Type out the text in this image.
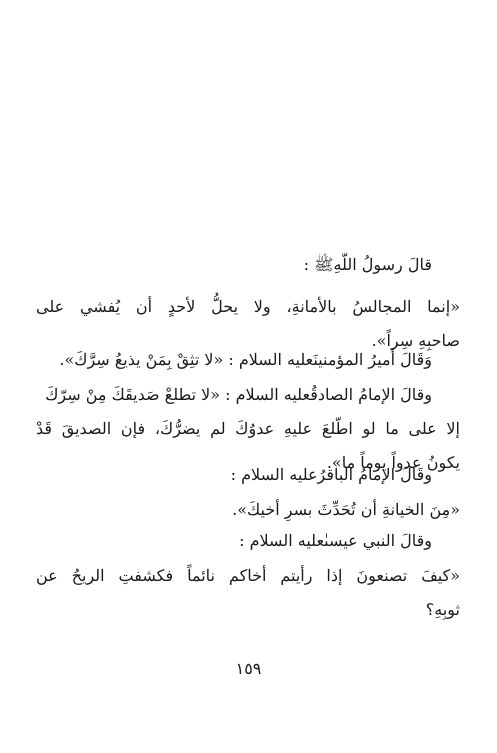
قالَ رسولُ اللّهِﷺ :
«إنما المجالسُ بالأمانةِ، ولا يحلُّ لأحدٍ أن يُفشي على
صاحبِهِ سِراً».
وَقَالَ أميرُ المؤمنينَعليه السلام : «لا تثِقْ بِمَنْ يذيعُ سِرَّكَ».
وقالَ الإمامُ الصادقُعليه السلام : «لا تطلعْ صَديقَكَ مِنْ سِرّكَ
إلا على ما لو اطّلعَ عليهِ عدوُكَ لم يضرُّكَ، فإن الصديقَ قَدْ
يكونُ عدواً يوماً ما».
وقَالَ الإمامُ الباقرُعليه السلام :
«مِنَ الخيانةِ أن تُحَدِّثَ بسرِ أخيكَ».
وقالَ النبي عيسىٰعليه السلام :
«كيفَ تصنعونَ إذا رأيتم أخاكم نائماً فكشفتِ الريحُ عن
ثوبِهِ؟
١٥٩
